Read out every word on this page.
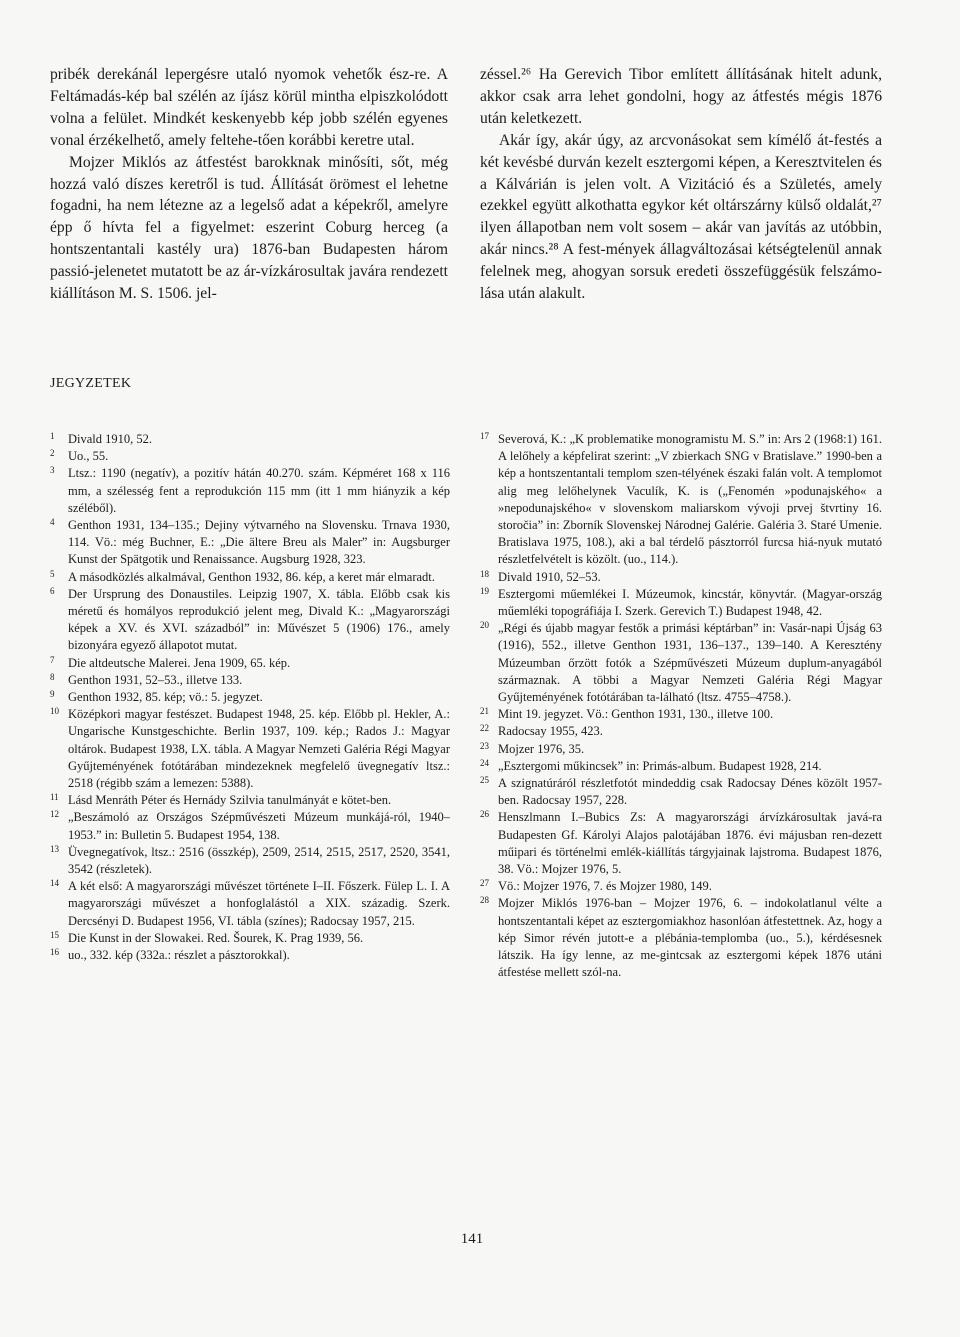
pribék derekánál lepergésre utaló nyomok vehetők ész-re. A Feltámadás-kép bal szélén az íjász körül mintha elpiszkolódott volna a felület. Mindkét keskenyebb kép jobb szélén egyenes vonal érzékelhető, amely feltehe-tően korábbi keretre utal.

Mojzer Miklós az átfestést barokknak minősíti, sőt, még hozzá való díszes keretről is tud. Állítását örömest el lehetne fogadni, ha nem létezne az a legelső adat a képekről, amelyre épp ő hívta fel a figyelmet: eszerint Coburg herceg (a hontszentantali kastély ura) 1876-ban Budapesten három passió-jelenetet mutatott be az ár-vízkárosultak javára rendezett kiállításon M. S. 1506. jel-

zéssel.²⁶ Ha Gerevich Tibor említett állításának hitelt adunk, akkor csak arra lehet gondolni, hogy az átfestés mégis 1876 után keletkezett.

Akár így, akár úgy, az arcvonásokat sem kímélő át-festés a két kevésbé durván kezelt esztergomi képen, a Keresztvitelen és a Kálvárián is jelen volt. A Vizitáció és a Születés, amely ezekkel együtt alkothatta egykor két oltárszárny külső oldalát,²⁷ ilyen állapotban nem volt sosem – akár van javítás az utóbbin, akár nincs.²⁸ A fest-mények állagváltozásai kétségtelenül annak felelnek meg, ahogyan sorsuk eredeti összefüggésük felszámo-lása után alakult.

JEGYZETEK

1	Divald 1910, 52.

2	Uo., 55.

3	Ltsz.: 1190 (negatív), a pozitív hátán 40.270. szám. Képméret 168 x 116 mm, a szélesség fent a reprodukción 115 mm (itt 1 mm hiányzik a kép széléből).

4	Genthon 1931, 134–135.; Dejiny výtvarného na Slovensku. Trnava 1930, 114. Vö.: még Buchner, E.: „Die ältere Breu als Maler” in: Augsburger Kunst der Spätgotik und Renaissance. Augsburg 1928, 323.

5	A másodközlés alkalmával, Genthon 1932, 86. kép, a keret már elmaradt.

6	Der Ursprung des Donaustiles. Leipzig 1907, X. tábla. Előbb csak kis méretű és homályos reprodukció jelent meg, Divald K.: „Magyarországi képek a XV. és XVI. századból” in: Művészet 5 (1906) 176., amely bizonyára egyező állapotot mutat.

7	Die altdeutsche Malerei. Jena 1909, 65. kép.

8	Genthon 1931, 52–53., illetve 133.

9	Genthon 1932, 85. kép; vö.: 5. jegyzet.

10 Középkori magyar festészet. Budapest 1948, 25. kép. Előbb pl. Hekler, A.: Ungarische Kunstgeschichte. Berlin 1937, 109. kép.; Rados J.: Magyar oltárok. Budapest 1938, LX. tábla. A Magyar Nemzeti Galéria Régi Magyar Gyűjteményének fotótárában mindezeknek megfelelő üvegnegatív ltsz.: 2518 (régibb szám a lemezen: 5388).

11 Lásd Menráth Péter és Hernády Szilvia tanulmányát e kötet-ben.

12 „Beszámoló az Országos Szépművészeti Múzeum munkájá-ról, 1940–1953.” in: Bulletin 5. Budapest 1954, 138.

13 Üvegnegatívok, ltsz.: 2516 (összkép), 2509, 2514, 2515, 2517, 2520, 3541, 3542 (részletek).

14 A két első: A magyarországi művészet története I–II. Főszerk. Fülep L. I. A magyarországi művészet a honfoglalástól a XIX. századig. Szerk. Dercsényi D. Budapest 1956, VI. tábla (színes); Radocsay 1957, 215.

15 Die Kunst in der Slowakei. Red. Šourek, K. Prag 1939, 56.

16 uo., 332. kép (332a.: részlet a pásztorokkal).

17 Severová, K.: „K problematike monogramistu M. S.” in: Ars 2 (1968:1) 161. A lelőhely a képfelirat szerint: „V zbierkach SNG v Bratislave.” 1990-ben a kép a hontszentantali templom szen-télyének északi falán volt. A templomot alig meg lelőhelynek Vaculík, K. is („Fenomén »podunajského« a »nepodunajského« v slovenskom maliarskom vývoji prvej štvrtiny 16. storočia” in: Zborník Slovenskej Národnej Galérie. Galéria 3. Staré Umenie. Bratislava 1975, 108.), aki a bal térdelő pásztorról furcsa hiá-nyuk mutató részletfelvételt is közölt. (uo., 114.).

18 Divald 1910, 52–53.

19 Esztergomi műemlékei I. Múzeumok, kincstár, könyvtár. (Magyar-ország műemléki topográfiája I. Szerk. Gerevich T.) Budapest 1948, 42.

20 „Régi és újabb magyar festők a primási képtárban” in: Vasár-napi Újság 63 (1916), 552., illetve Genthon 1931, 136–137., 139–140. A Keresztény Múzeumban őrzött fotók a Szépművészeti Múzeum duplum-anyagából származnak. A többi a Magyar Nemzeti Galéria Régi Magyar Gyűjteményének fotótárában ta-lálható (ltsz. 4755–4758.).

21 Mint 19. jegyzet. Vö.: Genthon 1931, 130., illetve 100.

22 Radocsay 1955, 423.

23 Mojzer 1976, 35.

24 „Esztergomi műkincsek” in: Primás-album. Budapest 1928, 214.

25 A szignatúráról részletfotót mindeddig csak Radocsay Dénes közölt 1957-ben. Radocsay 1957, 228.

26 Henszlmann I.–Bubics Zs: A magyarországi árvízkárosultak javá-ra Budapesten Gf. Károlyi Alajos palotájában 1876. évi májusban ren-dezett műipari és történelmi emlék-kiállítás tárgyjainak lajstroma. Budapest 1876, 38. Vö.: Mojzer 1976, 5.

27 Vö.: Mojzer 1976, 7. és Mojzer 1980, 149.

28 Mojzer Miklós 1976-ban – Mojzer 1976, 6. – indokolatlanul vélte a hontszentantali képet az esztergomiakhoz hasonlóan átfestettnek. Az, hogy a kép Simor révén jutott-e a plébánia-templomba (uo., 5.), kérdésesnek látszik. Ha így lenne, az me-gintcsak az esztergomi képek 1876 utáni átfestése mellett szól-na.

141
